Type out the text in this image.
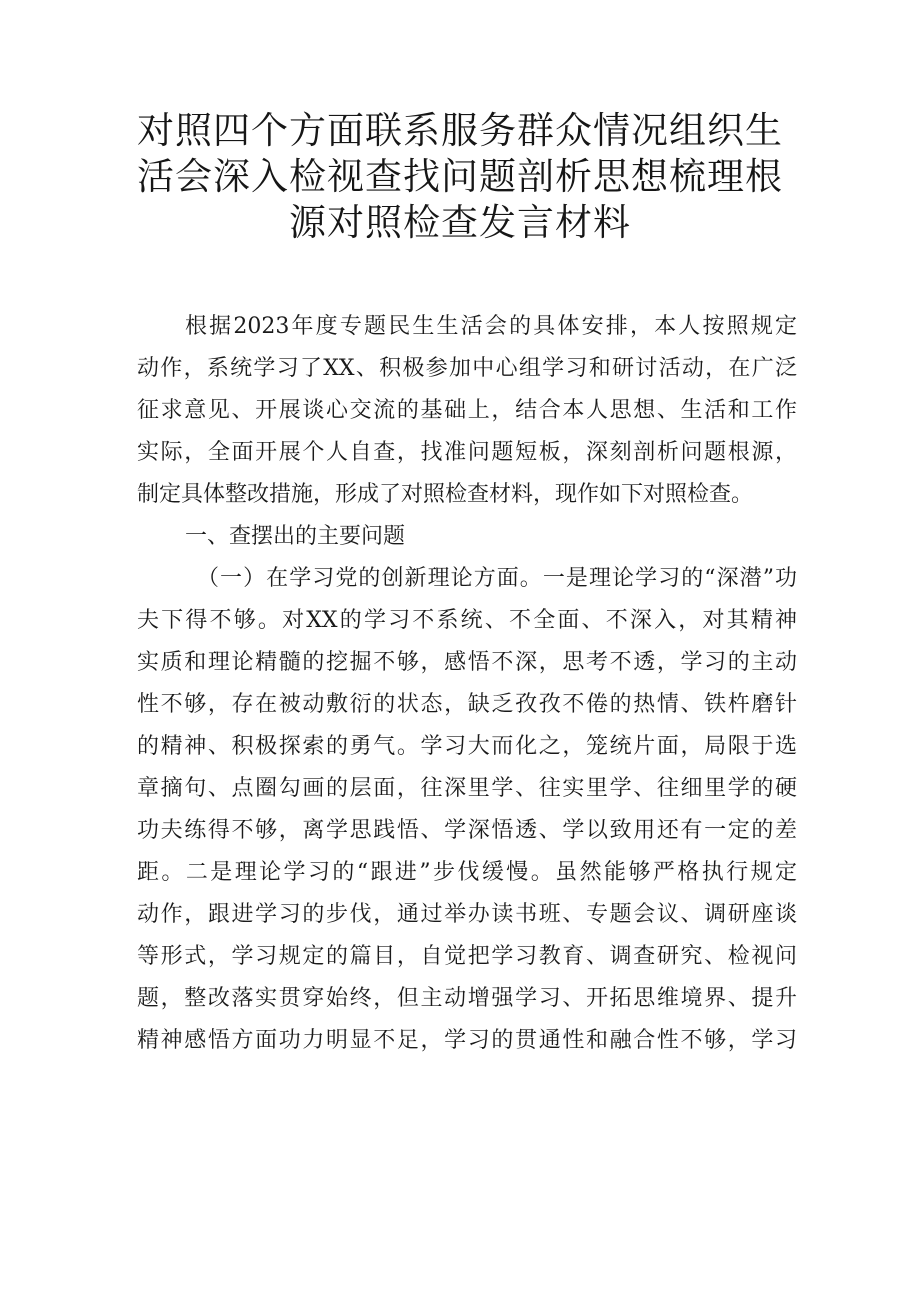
对照四个方面联系服务群众情况组织生
活会深入检视查找问题剖析思想梳理根
源对照检查发言材料
根据2023年度专题民生生活会的具体安排，本人按照规定
动作，系统学习了XX、积极参加中心组学习和研讨活动，在广泛
征求意见、开展谈心交流的基础上，结合本人思想、生活和工作
实际，全面开展个人自查，找准问题短板，深刻剖析问题根源，
制定具体整改措施，形成了对照检查材料，现作如下对照检查。
一、查摆出的主要问题
（一）在学习党的创新理论方面。一是理论学习的“深潜”功
夫下得不够。对XX的学习不系统、不全面、不深入，对其精神
实质和理论精髓的挖掘不够，感悟不深，思考不透，学习的主动
性不够，存在被动敷衍的状态，缺乏孜孜不倦的热情、铁杵磨针
的精神、积极探索的勇气。学习大而化之，笼统片面，局限于选
章摘句、点圈勾画的层面，往深里学、往实里学、往细里学的硬
功夫练得不够，离学思践悟、学深悟透、学以致用还有一定的差
距。二是理论学习的“跟进”步伐缓慢。虽然能够严格执行规定
动作，跟进学习的步伐，通过举办读书班、专题会议、调研座谈
等形式，学习规定的篇目，自觉把学习教育、调查研究、检视问
题，整改落实贯穿始终，但主动增强学习、开拓思维境界、提升
精神感悟方面功力明显不足，学习的贯通性和融合性不够，学习
